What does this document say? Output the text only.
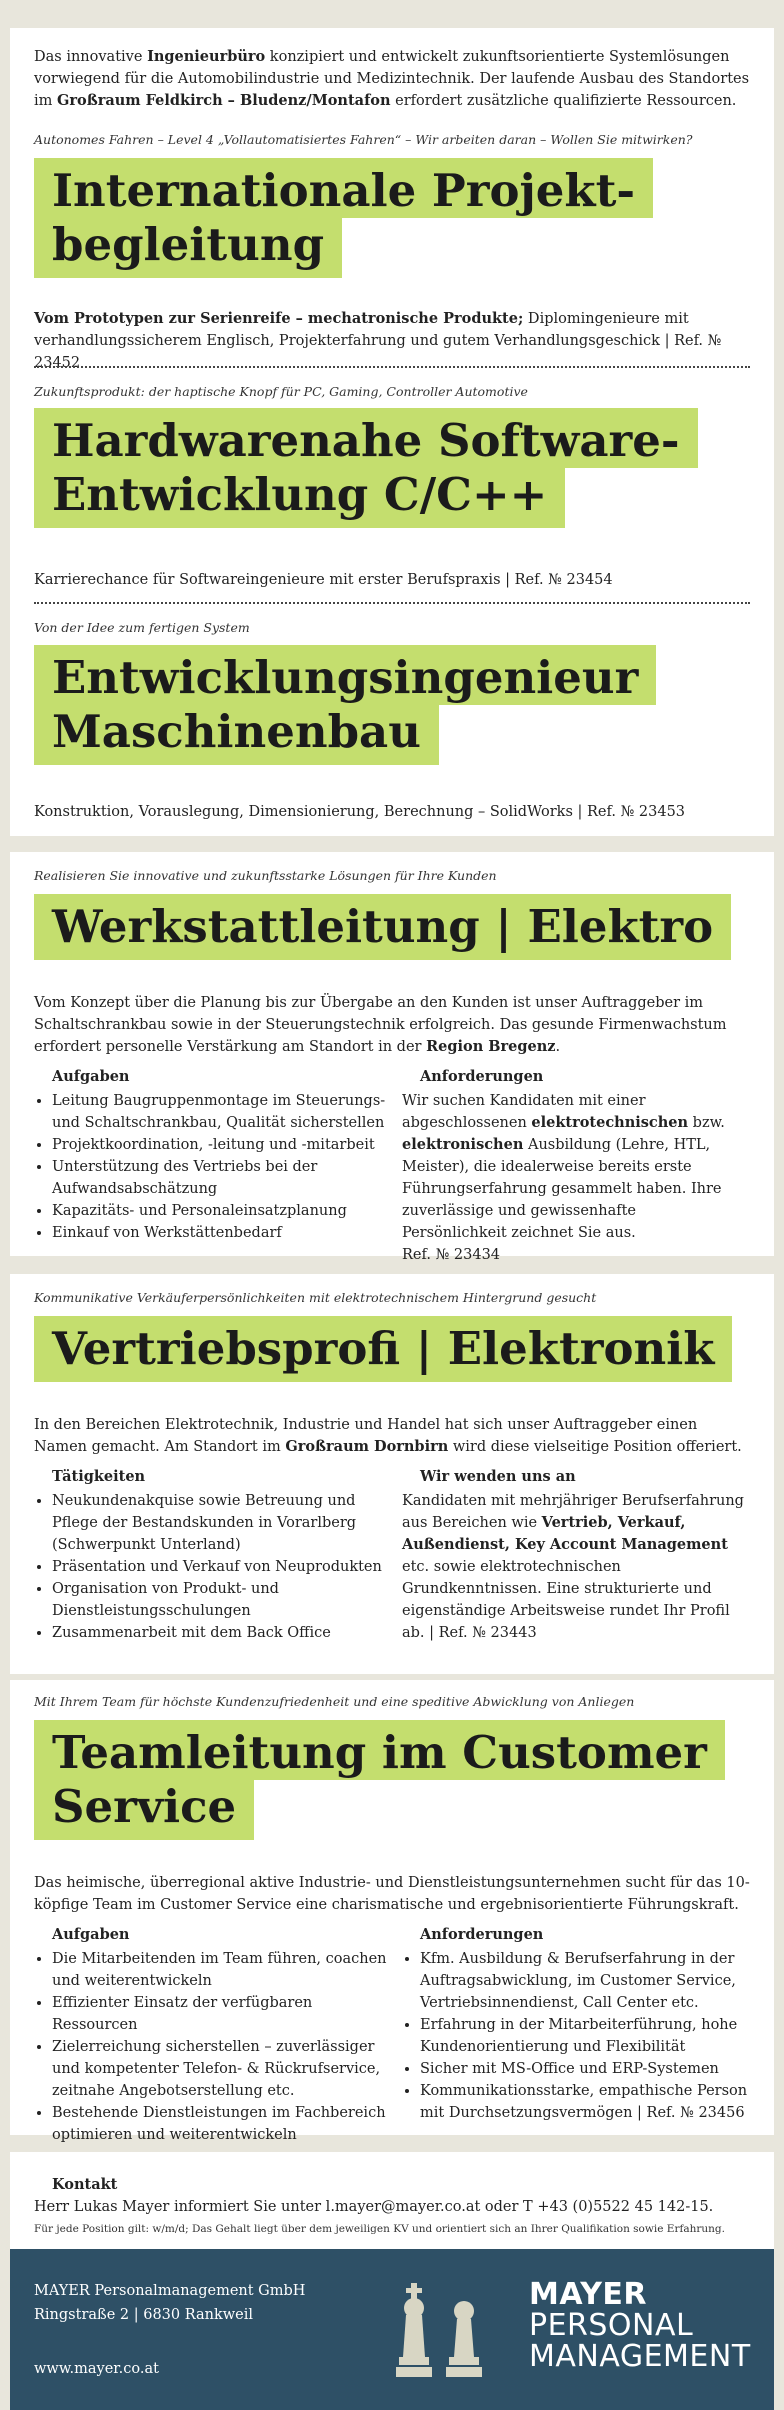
Das innovative Ingenieurbüro konzipiert und entwickelt zukunftsorientierte Systemlösungen vorwiegend für die Automobilindustrie und Medizintechnik. Der laufende Ausbau des Standortes im Großraum Feldkirch – Bludenz/Montafon erfordert zusätzliche qualifizierte Ressourcen.

Autonomes Fahren – Level 4 „Vollautomatisiertes Fahren“ – Wir arbeiten daran – Wollen Sie mitwirken?

Internationale Projekt-
begleitung

Vom Prototypen zur Serienreife – mechatronische Produkte; Diplomingenieure mit verhandlungssicherem Englisch, Projekterfahrung und gutem Verhandlungsgeschick | Ref. № 23452

Zukunftsprodukt: der haptische Knopf für PC, Gaming, Controller Automotive

Hardwarenahe Software-
Entwicklung C/C++

Karrierechance für Softwareingenieure mit erster Berufspraxis | Ref. № 23454

Von der Idee zum fertigen System

Entwicklungsingenieur
Maschinenbau

Konstruktion, Vorauslegung, Dimensionierung, Berechnung – SolidWorks | Ref. № 23453

Realisieren Sie innovative und zukunftsstarke Lösungen für Ihre Kunden

Werkstattleitung | Elektro

Vom Konzept über die Planung bis zur Übergabe an den Kunden ist unser Auftraggeber im Schaltschrankbau sowie in der Steuerungstechnik erfolgreich. Das gesunde Firmenwachstum erfordert personelle Verstärkung am Standort in der Region Bregenz.

Aufgaben
• Leitung Baugruppenmontage im Steuerungs- und Schaltschrankbau, Qualität sicherstellen
• Projektkoordination, -leitung und -mitarbeit
• Unterstützung des Vertriebs bei der Aufwandsabschätzung
• Kapazitäts- und Personaleinsatzplanung
• Einkauf von Werkstättenbedarf
Anforderungen

Wir suchen Kandidaten mit einer abgeschlossenen elektrotechnischen bzw. elektronischen Ausbildung (Lehre, HTL, Meister), die idealerweise bereits erste Führungserfahrung gesammelt haben. Ihre zuverlässige und gewissenhafte Persönlichkeit zeichnet Sie aus.
Ref. № 23434

Kommunikative Verkäuferpersönlichkeiten mit elektrotechnischem Hintergrund gesucht

Vertriebsprofi | Elektronik

In den Bereichen Elektrotechnik, Industrie und Handel hat sich unser Auftraggeber einen Namen gemacht. Am Standort im Großraum Dornbirn wird diese vielseitige Position offeriert.

Tätigkeiten
• Neukundenakquise sowie Betreuung und Pflege der Bestandskunden in Vorarlberg (Schwerpunkt Unterland)
• Präsentation und Verkauf von Neuprodukten
• Organisation von Produkt- und Dienstleistungsschulungen
• Zusammenarbeit mit dem Back Office
Wir wenden uns an

Kandidaten mit mehrjähriger Berufserfahrung aus Bereichen wie Vertrieb, Verkauf, Außendienst, Key Account Management etc. sowie elektrotechnischen Grundkenntnissen. Eine strukturierte und eigenständige Arbeitsweise rundet Ihr Profil ab. | Ref. № 23443

Mit Ihrem Team für höchste Kundenzufriedenheit und eine speditive Abwicklung von Anliegen

Teamleitung im Customer
Service

Das heimische, überregional aktive Industrie- und Dienstleistungsunternehmen sucht für das 10-köpfige Team im Customer Service eine charismatische und ergebnisorientierte Führungskraft.

Aufgaben
• Die Mitarbeitenden im Team führen, coachen und weiterentwickeln
• Effizienter Einsatz der verfügbaren Ressourcen
• Zielerreichung sicherstellen – zuverlässiger und kompetenter Telefon- & Rückrufservice, zeitnahe Angebotserstellung etc.
• Bestehende Dienstleistungen im Fachbereich optimieren und weiterentwickeln
Anforderungen
• Kfm. Ausbildung & Berufserfahrung in der Auftragsabwicklung, im Customer Service, Vertriebsinnendienst, Call Center etc.
• Erfahrung in der Mitarbeiterführung, hohe Kundenorientierung und Flexibilität
• Sicher mit MS-Office und ERP-Systemen
• Kommunikationsstarke, empathische Person mit Durchsetzungsvermögen | Ref. № 23456

Kontakt

Herr Lukas Mayer informiert Sie unter l.mayer@mayer.co.at oder T +43 (0)5522 45 142-15.

Für jede Position gilt: w/m/d; Das Gehalt liegt über dem jeweiligen KV und orientiert sich an Ihrer Qualifikation sowie Erfahrung.

MAYER Personalmanagement GmbH
Ringstraße 2 | 6830 Rankweil
www.mayer.co.at
MAYER
PERSONAL
MANAGEMENT
